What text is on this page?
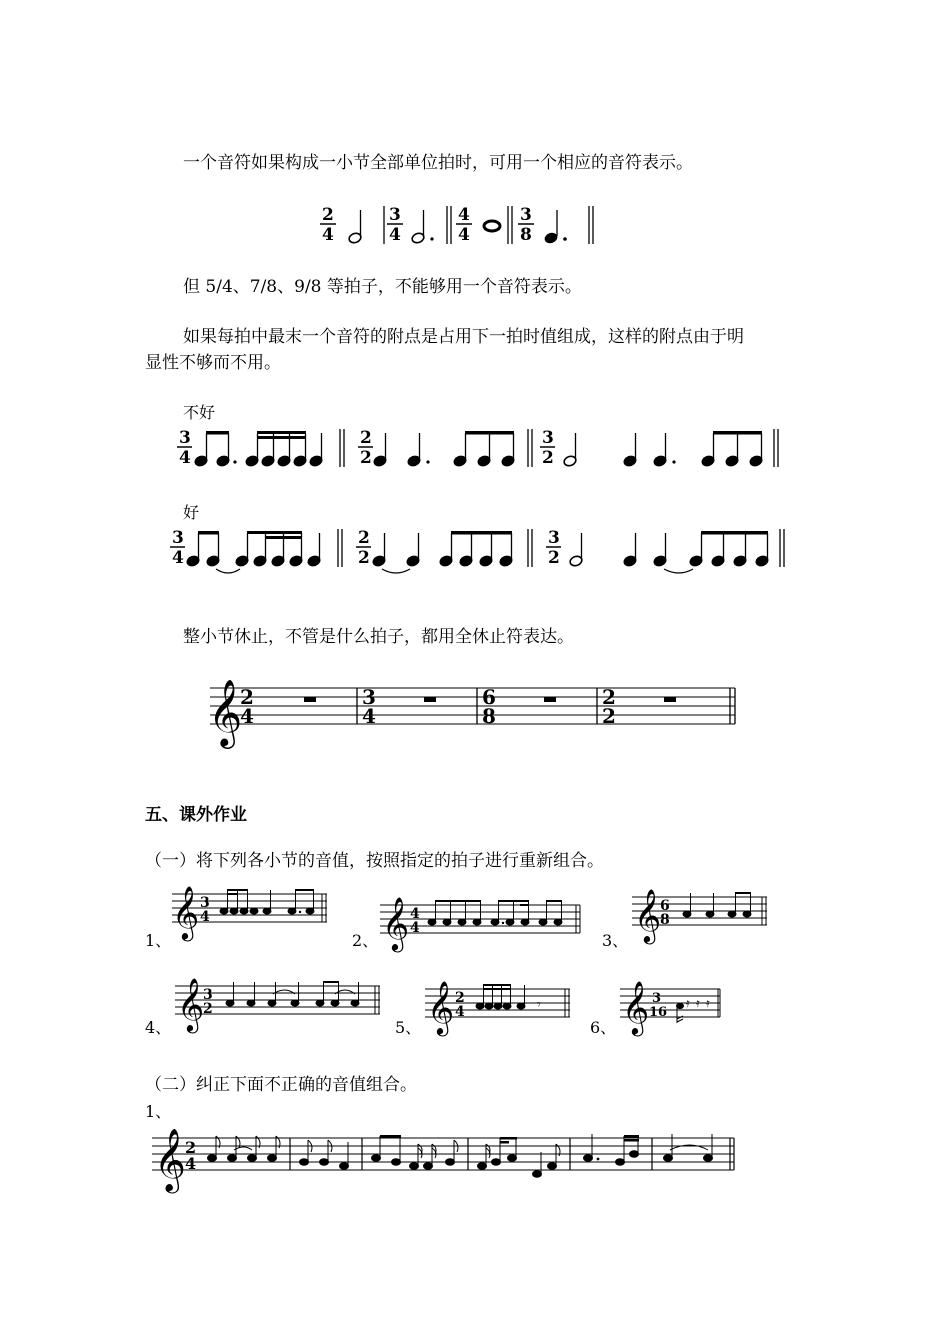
一个音符如果构成一小节全部单位拍时，可用一个相应的音符表示。
2
4
3
4
4
4
3
8
但 5/4、7/8、9/8 等拍子，不能够用一个音符表示。
如果每拍中最末一个音符的附点是占用下一拍时值组成，这样的附点由于明
显性不够而不用。
不好
3
4
2
2
3
2
好
3
4
2
2
3
2
整小节休止，不管是什么拍子，都用全休止符表达。
𝄞
2
4
3
4
6
8
2
2
五、课外作业
（一）将下列各小节的音值，按照指定的拍子进行重新组合。
1、
𝄞 3
4
2、 𝄞 4
4
3、 𝄞
6
8
4、 𝄞
3
2
5、 𝄞 2
4	𝄾
6、 𝄞 3
16
𝄿 𝄿 𝄿
（二）纠正下面不正确的音值组合。
1、
𝄞 2
4
